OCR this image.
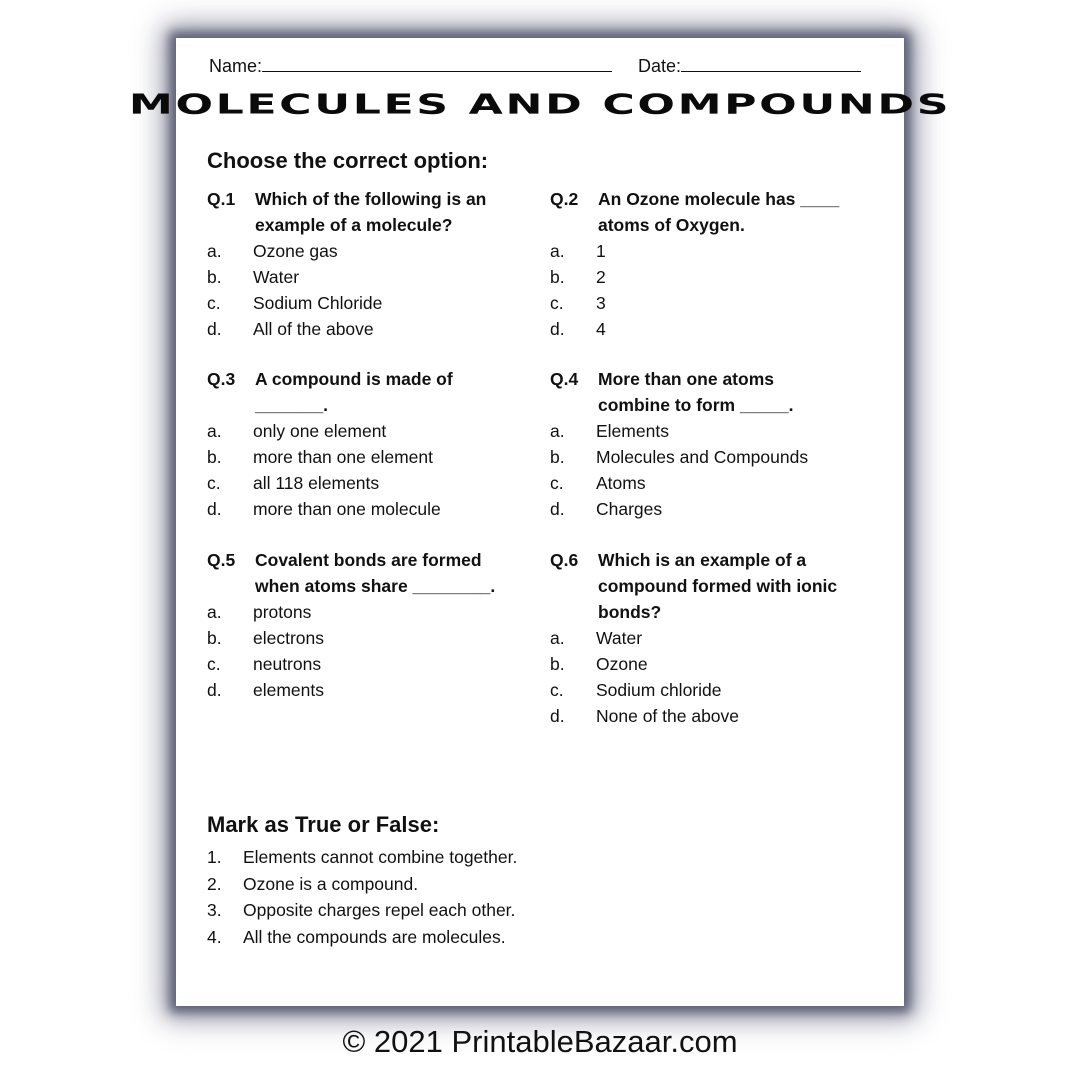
Name:	Date:
MOLECULES AND COMPOUNDS
Choose the correct option:
Q.1	Which of the following is an example of a molecule?
a.	Ozone gas
b.	Water
c.	Sodium Chloride
d.	All of the above
Q.2	An Ozone molecule has ____ atoms of Oxygen.
a.	1
b.	2
c.	3
d.	4
Q.3	A compound is made of _______.
a.	only one element
b.	more than one element
c.	all 118 elements
d.	more than one molecule
Q.4	More than one atoms combine to form _____.
a.	Elements
b.	Molecules and Compounds
c.	Atoms
d.	Charges
Q.5	Covalent bonds are formed when atoms share ________.
a.	protons
b.	electrons
c.	neutrons
d.	elements
Q.6	Which is an example of a compound formed with ionic bonds?
a.	Water
b.	Ozone
c.	Sodium chloride
d.	None of the above
Mark as True or False:
1.	Elements cannot combine together.
2.	Ozone is a compound.
3.	Opposite charges repel each other.
4.	All the compounds are molecules.
© 2021 PrintableBazaar.com
